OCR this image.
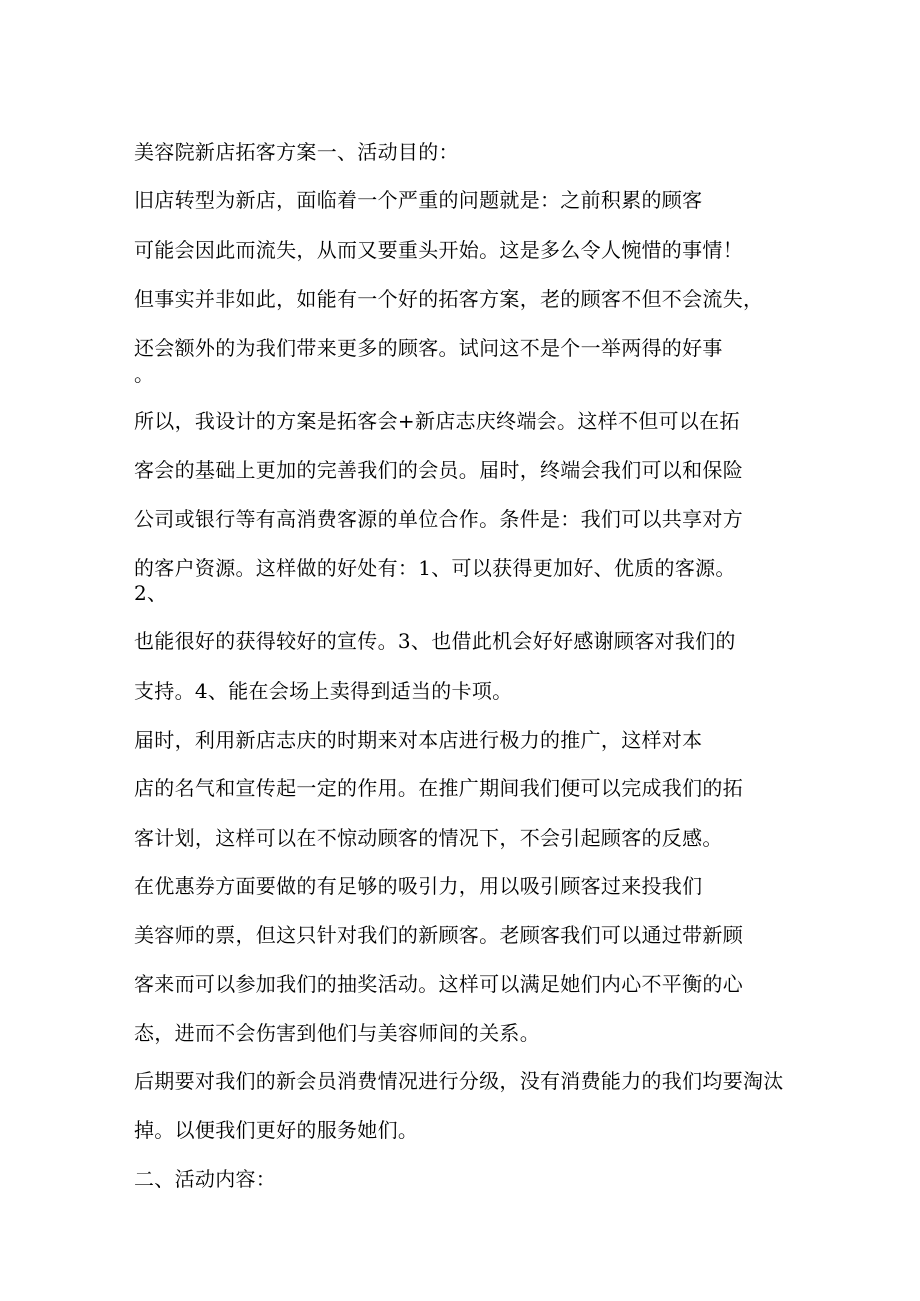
美容院新店拓客方案一、活动目的：
旧店转型为新店，面临着一个严重的问题就是：之前积累的顾客
可能会因此而流失，从而又要重头开始。这是多么令人惋惜的事情！
但事实并非如此，如能有一个好的拓客方案，老的顾客不但不会流失，
还会额外的为我们带来更多的顾客。试问这不是个一举两得的好事
。
所以，我设计的方案是拓客会+新店志庆终端会。这样不但可以在拓
客会的基础上更加的完善我们的会员。届时，终端会我们可以和保险
公司或银行等有高消费客源的单位合作。条件是：我们可以共享对方
的客户资源。这样做的好处有：1、可以获得更加好、优质的客源。
2、
也能很好的获得较好的宣传。3、也借此机会好好感谢顾客对我们的
支持。4、能在会场上卖得到适当的卡项。
届时，利用新店志庆的时期来对本店进行极力的推广，这样对本
店的名气和宣传起一定的作用。在推广期间我们便可以完成我们的拓
客计划，这样可以在不惊动顾客的情况下，不会引起顾客的反感。
在优惠券方面要做的有足够的吸引力，用以吸引顾客过来投我们
美容师的票，但这只针对我们的新顾客。老顾客我们可以通过带新顾
客来而可以参加我们的抽奖活动。这样可以满足她们内心不平衡的心
态，进而不会伤害到他们与美容师间的关系。
后期要对我们的新会员消费情况进行分级，没有消费能力的我们均要淘汰
掉。以便我们更好的服务她们。
二、活动内容：
